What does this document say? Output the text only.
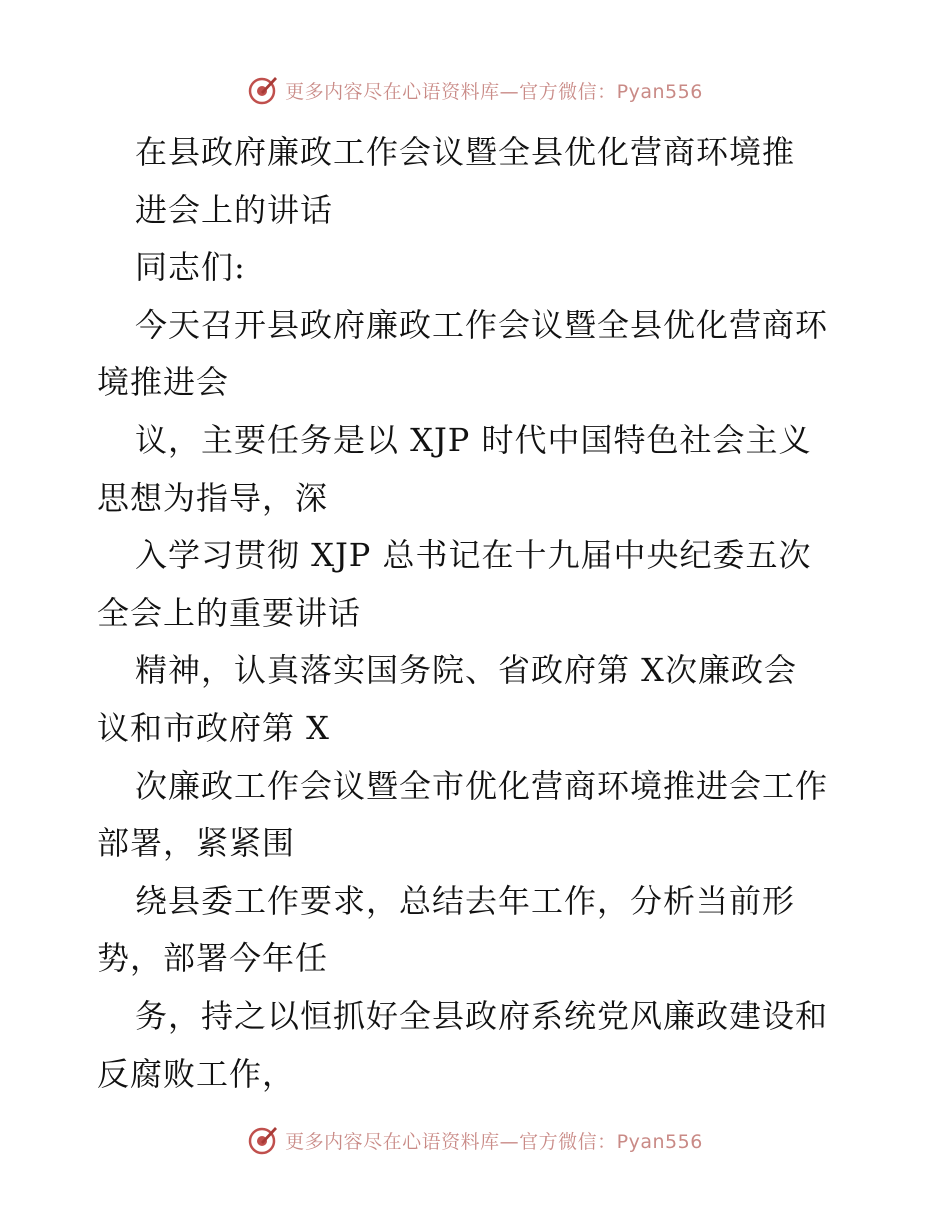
更多内容尽在心语资料库—官方微信：Pyan556
在县政府廉政工作会议暨全县优化营商环境推
进会上的讲话
同志们:
今天召开县政府廉政工作会议暨全县优化营商环
境推进会
议，主要任务是以 XJP 时代中国特色社会主义
思想为指导，深
入学习贯彻 XJP 总书记在十九届中央纪委五次
全会上的重要讲话
精神，认真落实国务院、省政府第 X次廉政会
议和市政府第 X
次廉政工作会议暨全市优化营商环境推进会工作
部署，紧紧围
绕县委工作要求，总结去年工作，分析当前形
势，部署今年任
务，持之以恒抓好全县政府系统党风廉政建设和
反腐败工作，
更多内容尽在心语资料库—官方微信：Pyan556
